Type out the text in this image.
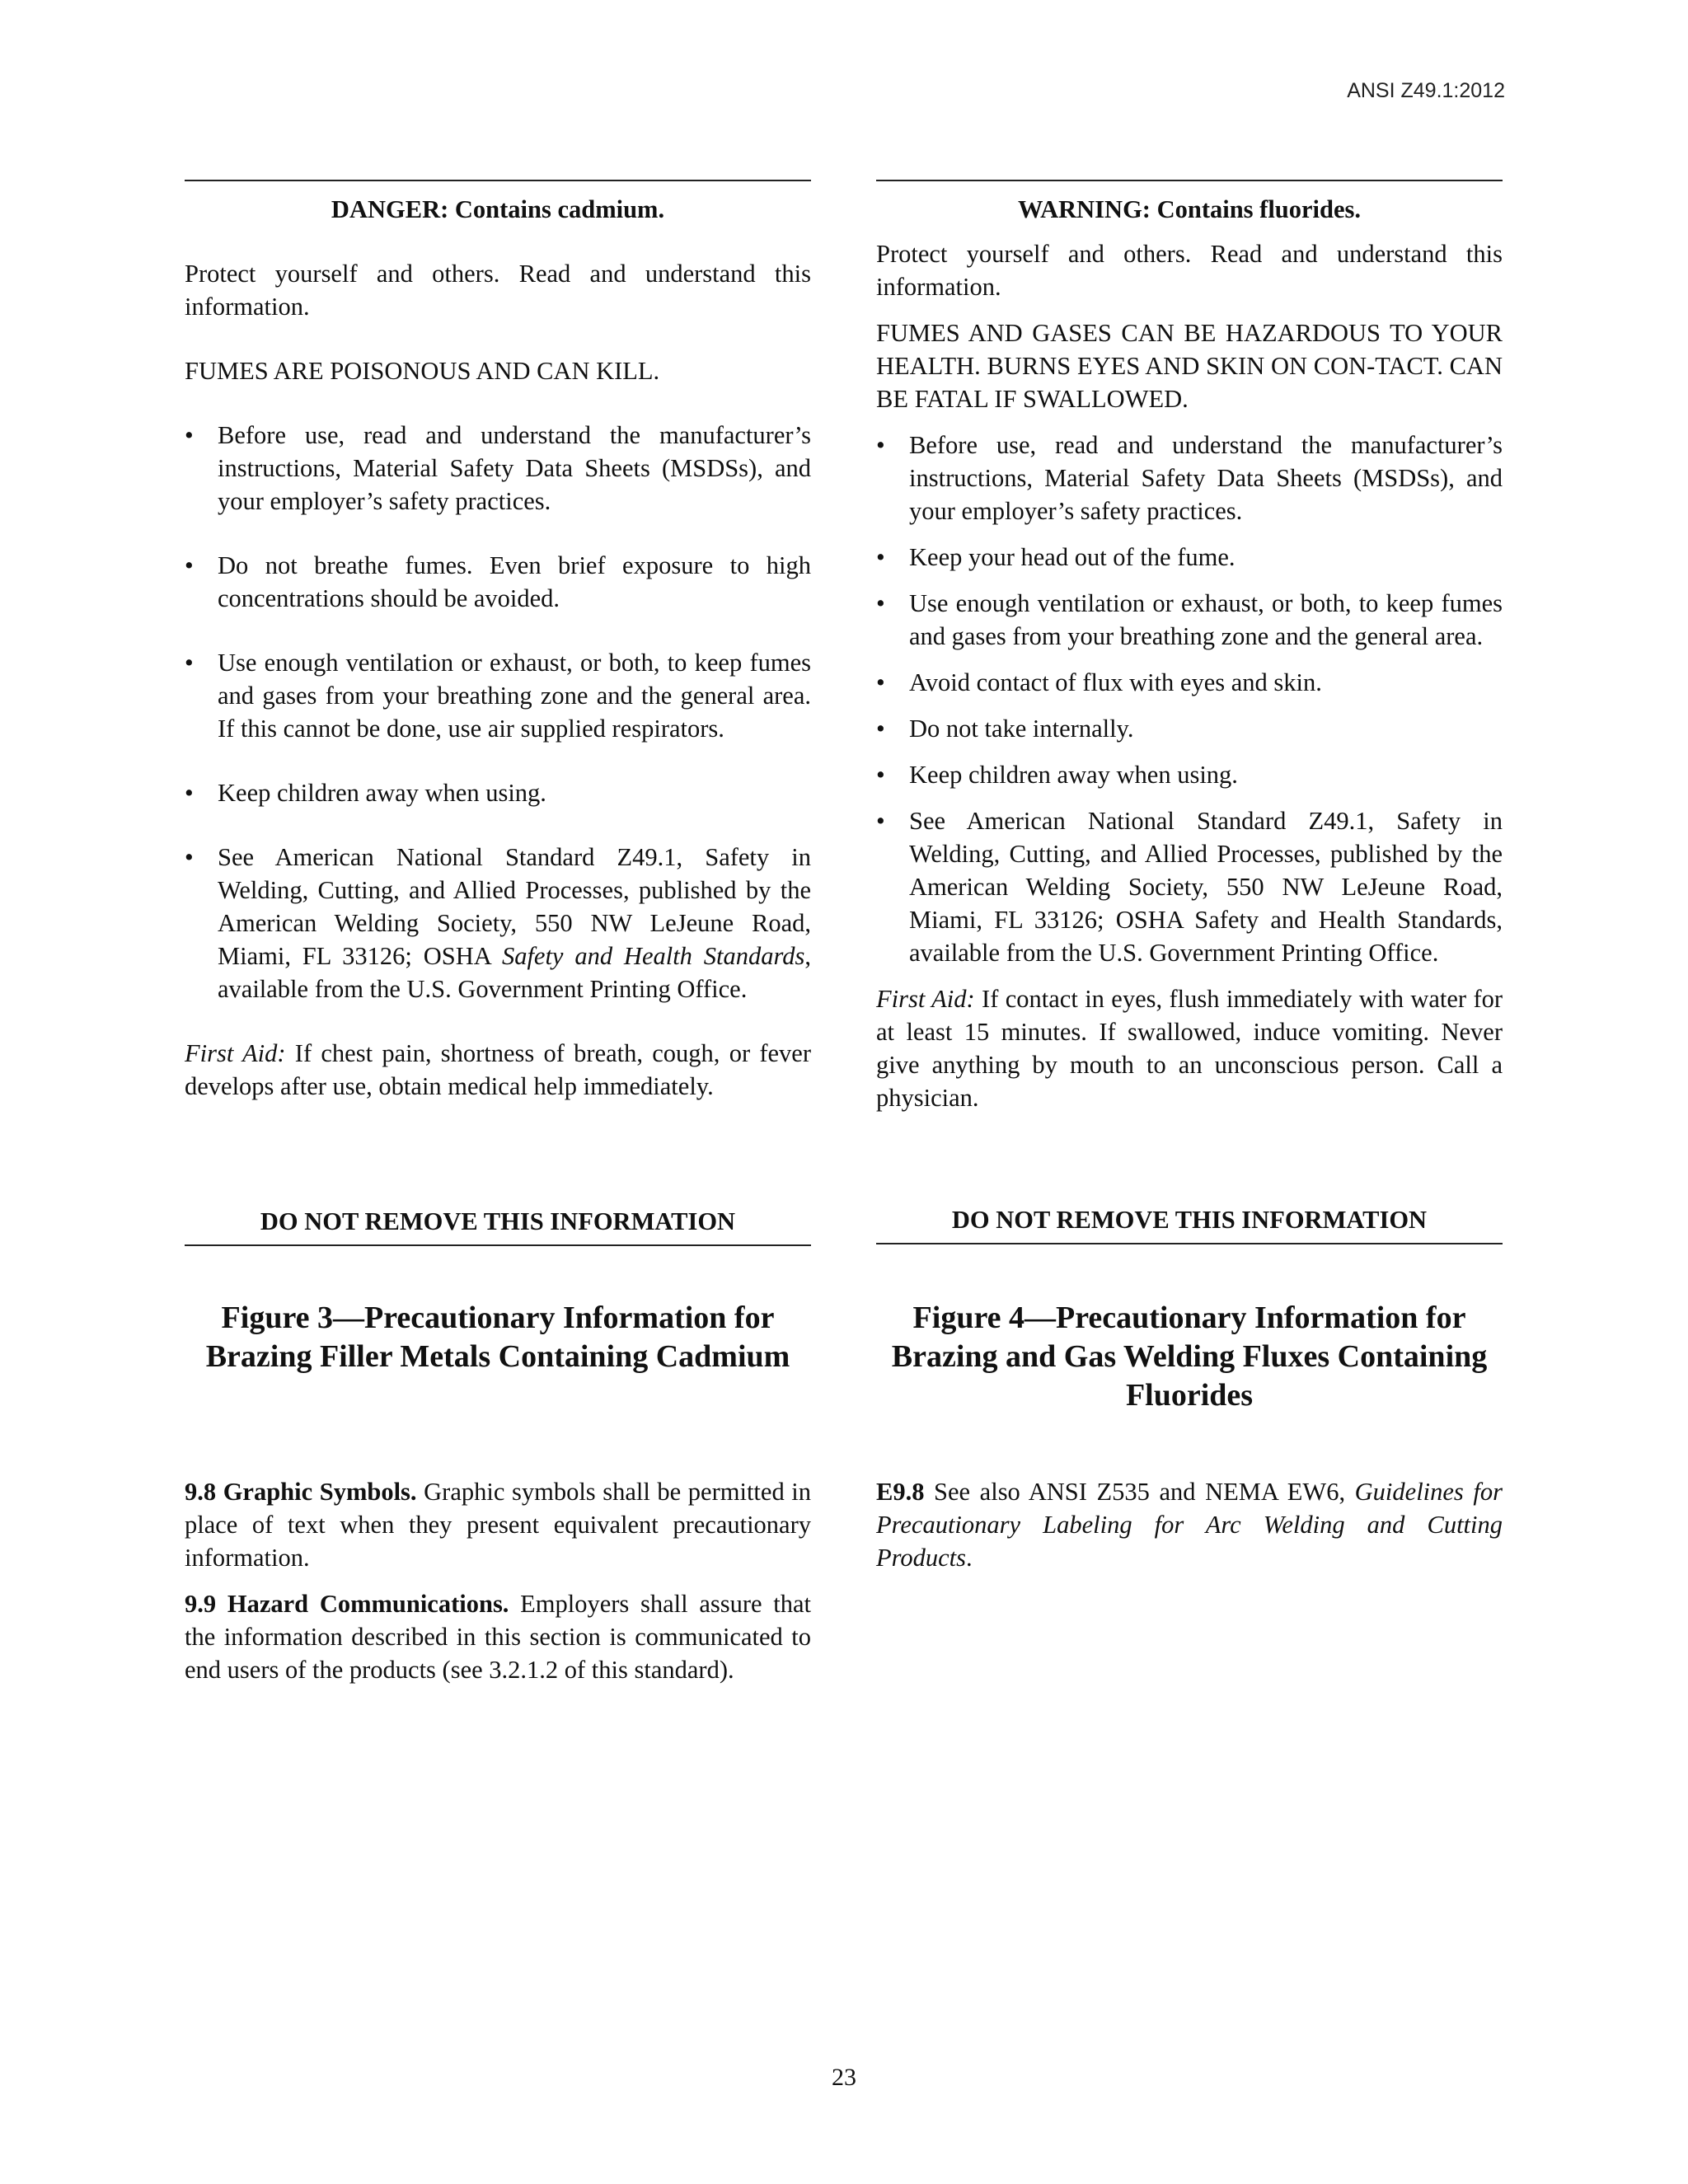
ANSI Z49.1:2012

DANGER: Contains cadmium.

Protect yourself and others. Read and understand this information.

FUMES ARE POISONOUS AND CAN KILL.

• Before use, read and understand the manufacturer’s instructions, Material Safety Data Sheets (MSDSs), and your employer’s safety practices.
• Do not breathe fumes. Even brief exposure to high concentrations should be avoided.
• Use enough ventilation or exhaust, or both, to keep fumes and gases from your breathing zone and the general area. If this cannot be done, use air supplied respirators.
• Keep children away when using.
• See American National Standard Z49.1, Safety in Welding, Cutting, and Allied Processes, published by the American Welding Society, 550 NW LeJeune Road, Miami, FL 33126; OSHA Safety and Health Standards, available from the U.S. Government Printing Office.

First Aid: If chest pain, shortness of breath, cough, or fever develops after use, obtain medical help immediately.

DO NOT REMOVE THIS INFORMATION

WARNING: Contains fluorides.

Protect yourself and others. Read and understand this information.

FUMES AND GASES CAN BE HAZARDOUS TO YOUR HEALTH. BURNS EYES AND SKIN ON CON-TACT. CAN BE FATAL IF SWALLOWED.

• Before use, read and understand the manufacturer’s instructions, Material Safety Data Sheets (MSDSs), and your employer’s safety practices.
• Keep your head out of the fume.
• Use enough ventilation or exhaust, or both, to keep fumes and gases from your breathing zone and the general area.
• Avoid contact of flux with eyes and skin.
• Do not take internally.
• Keep children away when using.
• See American National Standard Z49.1, Safety in Welding, Cutting, and Allied Processes, published by the American Welding Society, 550 NW LeJeune Road, Miami, FL 33126; OSHA Safety and Health Standards, available from the U.S. Government Printing Office.

First Aid: If contact in eyes, flush immediately with water for at least 15 minutes. If swallowed, induce vomiting. Never give anything by mouth to an unconscious person. Call a physician.

DO NOT REMOVE THIS INFORMATION
Figure 3—Precautionary Information for Brazing Filler Metals Containing Cadmium
Figure 4—Precautionary Information for Brazing and Gas Welding Fluxes Containing Fluorides

9.8 Graphic Symbols. Graphic symbols shall be permitted in place of text when they present equivalent precautionary information.

9.9 Hazard Communications. Employers shall assure that the information described in this section is communicated to end users of the products (see 3.2.1.2 of this standard).

E9.8 See also ANSI Z535 and NEMA EW6, Guidelines for Precautionary Labeling for Arc Welding and Cutting Products.

23
